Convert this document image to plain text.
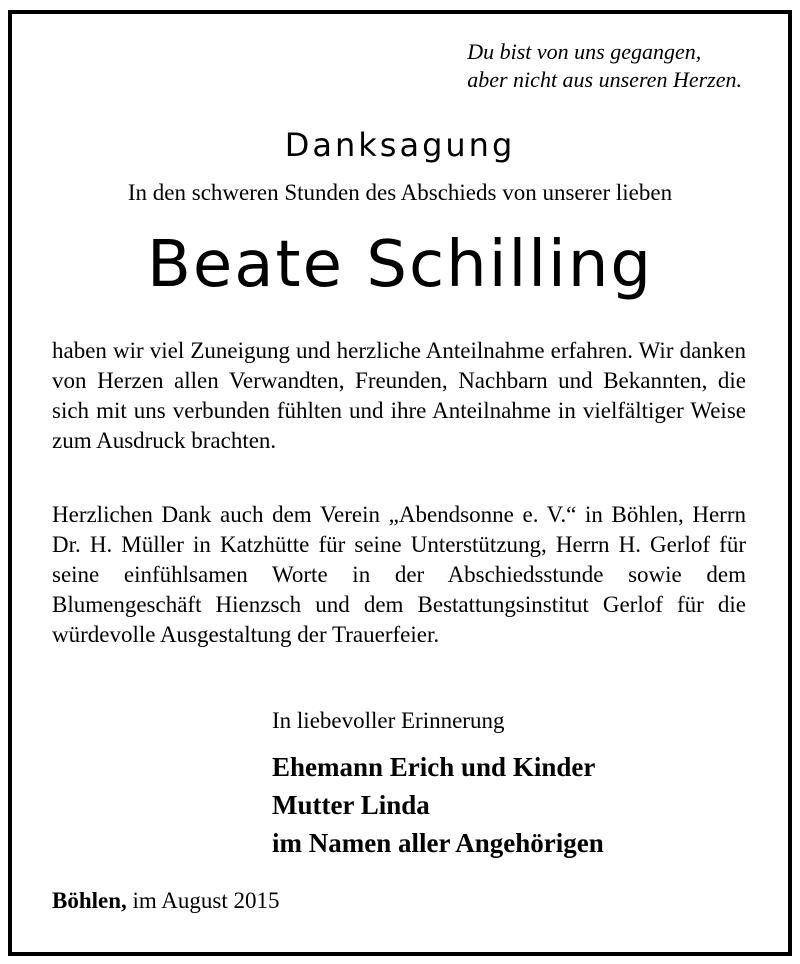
Du bist von uns gegangen,
aber nicht aus unseren Herzen.
Danksagung
In den schweren Stunden des Abschieds von unserer lieben
Beate Schilling

haben wir viel Zuneigung und herzliche Anteilnahme erfahren. Wir danken von Herzen allen Verwandten, Freunden, Nachbarn und Bekannten, die sich mit uns verbunden fühlten und ihre Anteilnahme in vielfältiger Weise zum Ausdruck brachten.

Herzlichen Dank auch dem Verein „Abendsonne e. V.“ in Böhlen, Herrn Dr. H. Müller in Katzhütte für seine Unterstützung, Herrn H. Gerlof für seine einfühlsamen Worte in der Abschiedsstunde sowie dem Blumengeschäft Hienzsch und dem Bestattungsinstitut Gerlof für die würdevolle Ausgestaltung der Trauerfeier.

In liebevoller Erinnerung
Ehemann Erich und Kinder
Mutter Linda
im Namen aller Angehörigen
Böhlen, im August 2015
